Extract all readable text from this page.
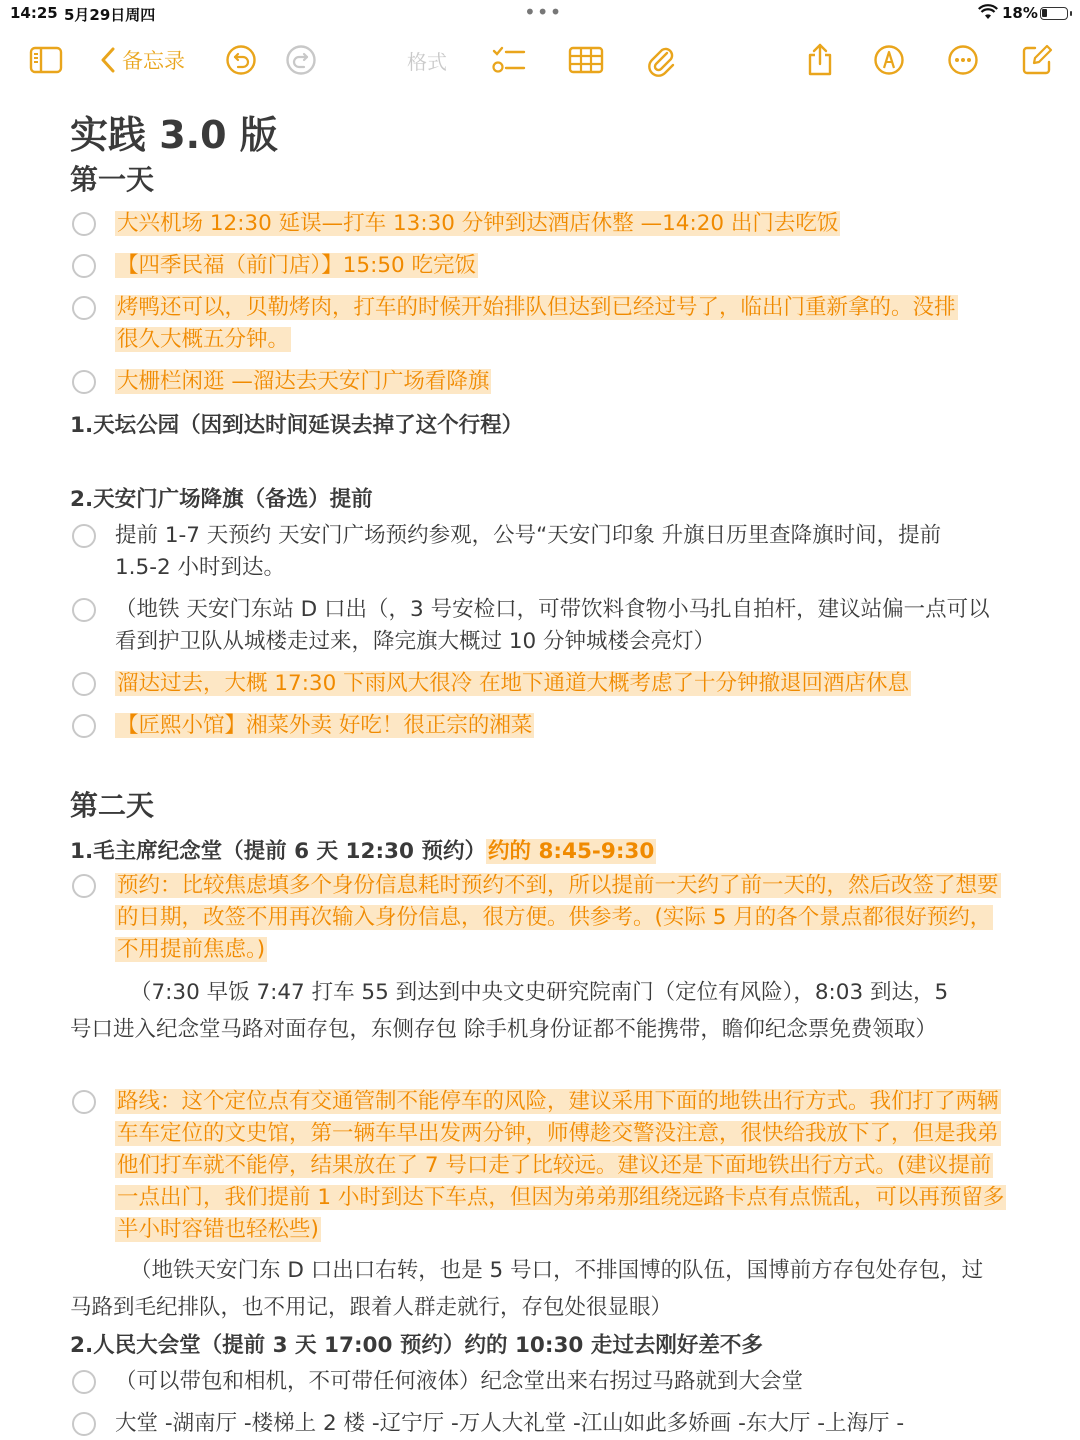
14:25 5月29日周四	•••	18%
备忘录	格式
实践 3.0 版
第一天
大兴机场 12:30 延误—打车 13:30 分钟到达酒店休整 —14:20 出门去吃饭
【四季民福（前门店）】15:50 吃完饭
烤鸭还可以，贝勒烤肉，打车的时候开始排队但达到已经过号了，临出门重新拿的。没排很久大概五分钟。
大栅栏闲逛 —溜达去天安门广场看降旗
1.天坛公园（因到达时间延误去掉了这个行程）
2.天安门广场降旗（备选）提前
提前 1-7 天预约 天安门广场预约参观，公号“天安门印象 升旗日历里查降旗时间，提前 1.5-2 小时到达。
（地铁 天安门东站 D 口出（，3 号安检口，可带饮料食物小马扎自拍杆，建议站偏一点可以看到护卫队从城楼走过来，降完旗大概过 10 分钟城楼会亮灯）
溜达过去，大概 17:30 下雨风大很冷 在地下通道大概考虑了十分钟撤退回酒店休息
【匠熙小馆】湘菜外卖 好吃！很正宗的湘菜
第二天
1.毛主席纪念堂（提前 6 天 12:30 预约）约的 8:45-9:30
预约：比较焦虑填多个身份信息耗时预约不到，所以提前一天约了前一天的，然后改签了想要的日期，改签不用再次输入身份信息，很方便。供参考。(实际 5 月的各个景点都很好预约，不用提前焦虑。)
（7:30 早饭 7:47 打车 55 到达到中央文史研究院南门（定位有风险），8:03 到达，5 号口进入纪念堂马路对面存包，东侧存包 除手机身份证都不能携带，瞻仰纪念票免费领取）
路线：这个定位点有交通管制不能停车的风险，建议采用下面的地铁出行方式。我们打了两辆车车定位的文史馆，第一辆车早出发两分钟，师傅趁交警没注意，很快给我放下了，但是我弟他们打车就不能停，结果放在了 7 号口走了比较远。建议还是下面地铁出行方式。(建议提前一点出门，我们提前 1 小时到达下车点，但因为弟弟那组绕远路卡点有点慌乱，可以再预留多半小时容错也轻松些)
（地铁天安门东 D 口出口右转，也是 5 号口，不排国博的队伍，国博前方存包处存包，过马路到毛纪排队，也不用记，跟着人群走就行，存包处很显眼）
2.人民大会堂（提前 3 天 17:00 预约）约的 10:30 走过去刚好差不多
（可以带包和相机，不可带任何液体）纪念堂出来右拐过马路就到大会堂
大堂 -湖南厅 -楼梯上 2 楼 -辽宁厅 -万人大礼堂 -江山如此多娇画 -东大厅 -上海厅 -
